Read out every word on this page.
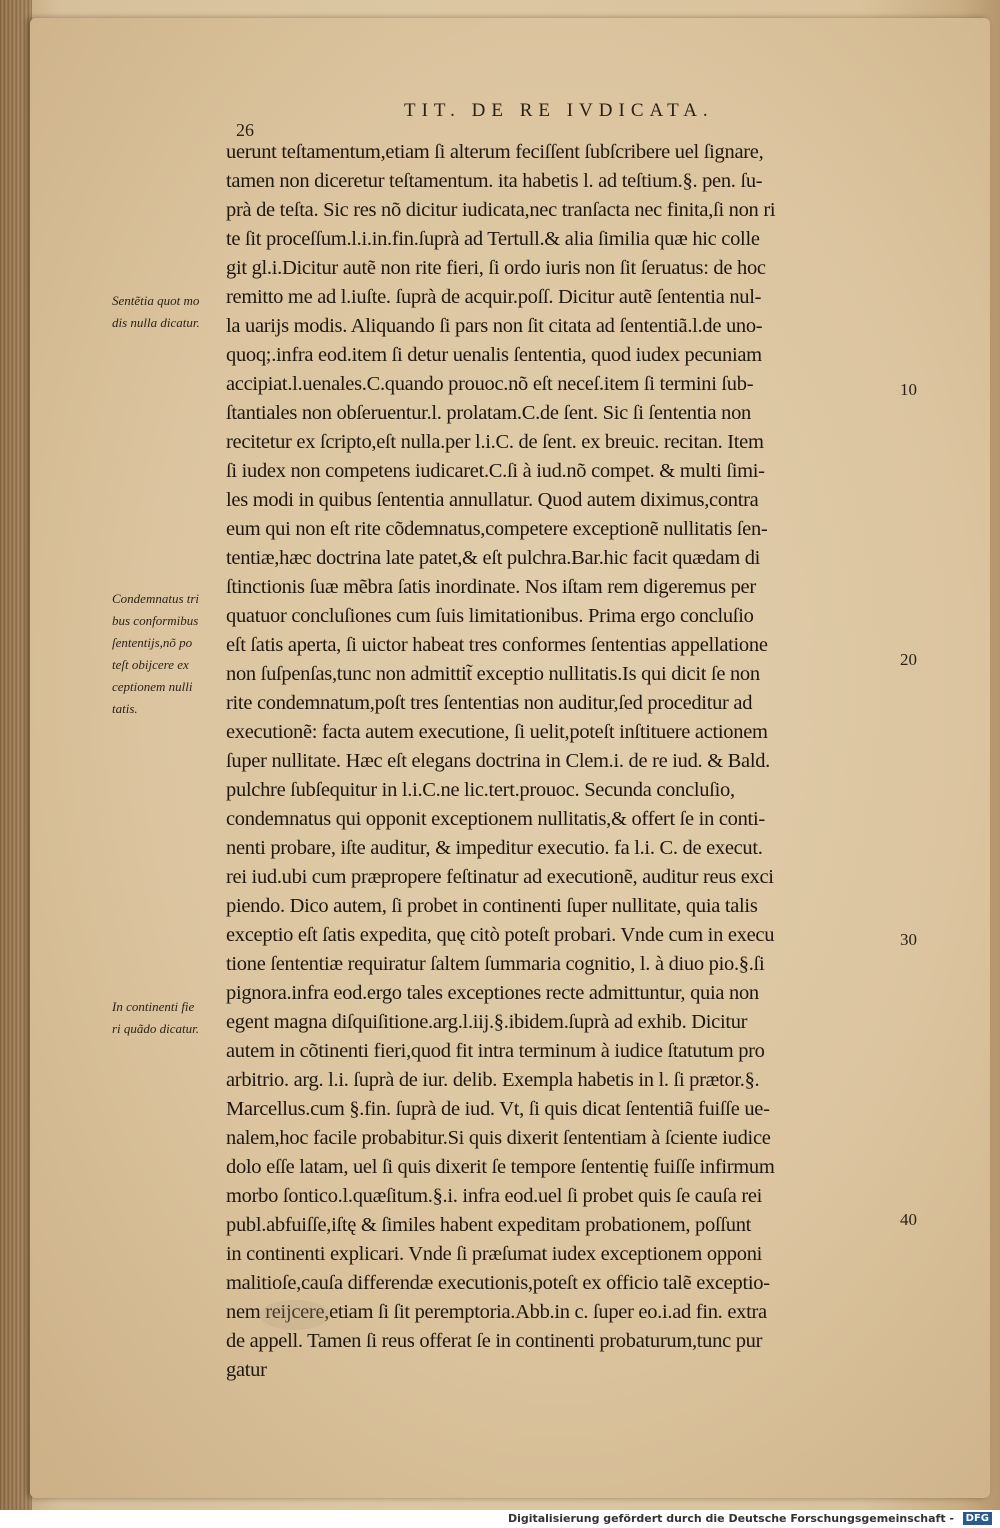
TIT. DE RE IVDICATA.
26
uerunt teſtamentum,etiam ſi alterum feciſſent ſubſcribere uel ſignare,
tamen non diceretur teſtamentum. ita habetis l. ad teſtium.§. pen. ſu-
prà de teſta. Sic res nõ dicitur iudicata,nec tranſacta nec finita,ſi non ri
te ſit proceſſum.l.i.in.fin.ſuprà ad Tertull.& alia ſimilia quæ hic colle
git gl.i.Dicitur autẽ non rite fieri, ſi ordo iuris non ſit ſeruatus: de hoc
remitto me ad l.iuſte. ſuprà de acquir.poſſ. Dicitur autẽ ſententia nul-
la uarijs modis. Aliquando ſi pars non ſit citata ad ſententiã.l.de uno-
quoq;.infra eod.item ſi detur uenalis ſententia, quod iudex pecuniam
accipiat.l.uenales.C.quando prouoc.nõ eſt neceſ.item ſi termini ſub-
ſtantiales non obſeruentur.l. prolatam.C.de ſent. Sic ſi ſententia non
recitetur ex ſcripto,eſt nulla.per l.i.C. de ſent. ex breuic. recitan. Item
ſi iudex non competens iudicaret.C.ſi à iud.nõ compet. & multi ſimi-
les modi in quibus ſententia annullatur. Quod autem diximus,contra
eum qui non eſt rite cõdemnatus,competere exceptionẽ nullitatis ſen-
tentiæ,hæc doctrina late patet,& eſt pulchra.Bar.hic facit quædam di
ſtinctionis ſuæ mẽbra ſatis inordinate. Nos iſtam rem digeremus per
quatuor concluſiones cum ſuis limitationibus. Prima ergo concluſio
eſt ſatis aperta, ſi uictor habeat tres conformes ſententias appellatione
non ſuſpenſas,tunc non admittit̃ exceptio nullitatis.Is qui dicit ſe non
rite condemnatum,poſt tres ſententias non auditur,ſed proceditur ad
executionẽ: facta autem executione, ſi uelit,poteſt inſtituere actionem
ſuper nullitate. Hæc eſt elegans doctrina in Clem.i. de re iud. & Bald.
pulchre ſubſequitur in l.i.C.ne lic.tert.prouoc. Secunda concluſio,
condemnatus qui opponit exceptionem nullitatis,& offert ſe in conti-
nenti probare, iſte auditur, & impeditur executio. fa l.i. C. de execut.
rei iud.ubi cum præpropere feſtinatur ad executionẽ, auditur reus exci
piendo. Dico autem, ſi probet in continenti ſuper nullitate, quia talis
exceptio eſt ſatis expedita, quę citò poteſt probari. Vnde cum in execu
tione ſententiæ requiratur ſaltem ſummaria cognitio, l. à diuo pio.§.ſi
pignora.infra eod.ergo tales exceptiones recte admittuntur, quia non
egent magna diſquiſitione.arg.l.iij.§.ibidem.ſuprà ad exhib. Dicitur
autem in cõtinenti fieri,quod fit intra terminum à iudice ſtatutum pro
arbitrio. arg. l.i. ſuprà de iur. delib. Exempla habetis in l. ſi prætor.§.
Marcellus.cum §.fin. ſuprà de iud. Vt, ſi quis dicat ſententiã fuiſſe ue-
nalem,hoc facile probabitur.Si quis dixerit ſententiam à ſciente iudice
dolo eſſe latam, uel ſi quis dixerit ſe tempore ſententię fuiſſe infirmum
morbo ſontico.l.quæſitum.§.i. infra eod.uel ſi probet quis ſe cauſa rei
publ.abfuiſſe,iſtę & ſimiles habent expeditam probationem, poſſunt
in continenti explicari. Vnde ſi præſumat iudex exceptionem opponi
malitioſe,cauſa differendæ executionis,poteſt ex officio talẽ exceptio-
nem reijcere,etiam ſi ſit peremptoria.Abb.in c. ſuper eo.i.ad fin. extra
de appell. Tamen ſi reus offerat ſe in continenti probaturum,tunc pur
gatur
Sentẽtia quot mo
dis nulla dicatur.
Condemnatus tri
bus conformibus
ſententijs,nõ po
teſt obijcere ex
ceptionem nulli
tatis.
In continenti fie
ri quãdo dicatur.
10
20
30
40
Digitalisierung gefördert durch die Deutsche Forschungsgemeinschaft -	DFG
